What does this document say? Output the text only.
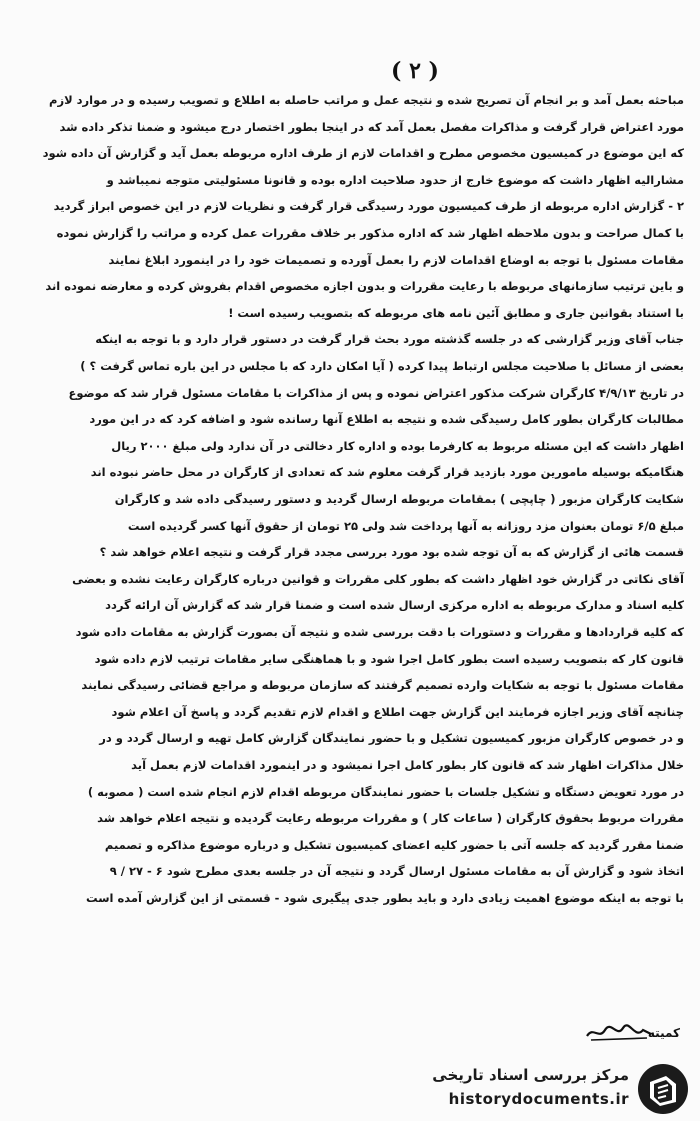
( ۲ )
مباحثه بعمل آمد و بر انجام آن تصریح شده و نتیجه عمل و مراتب حاصله به اطلاع و تصویب رسیده و در موارد لازم
مورد اعتراض قرار گرفت و مذاکرات مفصل بعمل آمد که در اینجا بطور اختصار درج میشود و ضمنا تذکر داده شد
که این موضوع در کمیسیون مخصوص مطرح و اقدامات لازم از طرف اداره مربوطه بعمل آید و گزارش آن داده شود
مشارالیه اظهار داشت که موضوع خارج از حدود صلاحیت اداره بوده و قانونا مسئولیتی متوجه نمیباشد و
۲ - گزارش اداره مربوطه از طرف کمیسیون مورد رسیدگی قرار گرفت و نظریات لازم در این خصوص ابراز گردید
با کمال صراحت و بدون ملاحظه اظهار شد که اداره مذکور بر خلاف مقررات عمل کرده و مراتب را گزارش نموده
مقامات مسئول با توجه به اوضاع اقدامات لازم را بعمل آورده و تصمیمات خود را در اینمورد ابلاغ نمایند
و باین ترتیب سازمانهای مربوطه با رعایت مقررات و بدون اجازه مخصوص اقدام بفروش کرده و معارضه نموده اند
با استناد بقوانین جاری و مطابق آئین نامه های مربوطه که بتصویب رسیده است !
جناب آقای وزیر گزارشی که در جلسه گذشته مورد بحث قرار گرفت در دستور قرار دارد و با توجه به اینکه
بعضی از مسائل با صلاحیت مجلس ارتباط پیدا کرده ( آیا امکان دارد که با مجلس در این باره تماس گرفت ؟ )
در تاریخ ۴/۹/۱۳ کارگران شرکت مذکور اعتراض نموده و پس از مذاکرات با مقامات مسئول قرار شد که موضوع
مطالبات کارگران بطور کامل رسیدگی شده و نتیجه به اطلاع آنها رسانده شود و اضافه کرد که در این مورد
اظهار داشت که این مسئله مربوط به کارفرما بوده و اداره کار دخالتی در آن ندارد ولی مبلغ ۲۰۰۰ ریال
هنگامیکه بوسیله مامورین مورد بازدید قرار گرفت معلوم شد که تعدادی از کارگران در محل حاضر نبوده اند
شکایت کارگران مزبور ( چاپچی ) بمقامات مربوطه ارسال گردید و دستور رسیدگی داده شد و کارگران
مبلغ ۶/۵ تومان بعنوان مزد روزانه به آنها پرداخت شد ولی ۲۵ تومان از حقوق آنها کسر گردیده است
قسمت هائی از گزارش که به آن توجه شده بود مورد بررسی مجدد قرار گرفت و نتیجه اعلام خواهد شد ؟
آقای نکاتی در گزارش خود اظهار داشت که بطور کلی مقررات و قوانین درباره کارگران رعایت نشده و بعضی
کلیه اسناد و مدارک مربوطه به اداره مرکزی ارسال شده است و ضمنا قرار شد که گزارش آن ارائه گردد
که کلیه قراردادها و مقررات و دستورات با دقت بررسی شده و نتیجه آن بصورت گزارش به مقامات داده شود
قانون کار که بتصویب رسیده است بطور کامل اجرا شود و با هماهنگی سایر مقامات ترتیب لازم داده شود
مقامات مسئول با توجه به شکایات وارده تصمیم گرفتند که سازمان مربوطه و مراجع قضائی رسیدگی نمایند
چنانچه آقای وزیر اجازه فرمایند این گزارش جهت اطلاع و اقدام لازم تقدیم گردد و پاسخ آن اعلام شود
و در خصوص کارگران مزبور کمیسیون تشکیل و با حضور نمایندگان گزارش کامل تهیه و ارسال گردد و در
خلال مذاکرات اظهار شد که قانون کار بطور کامل اجرا نمیشود و در اینمورد اقدامات لازم بعمل آید
در مورد تعویض دستگاه و تشکیل جلسات با حضور نمایندگان مربوطه اقدام لازم انجام شده است ( مصوبه )
مقررات مربوط بحقوق کارگران ( ساعات کار ) و مقررات مربوطه رعایت گردیده و نتیجه اعلام خواهد شد
ضمنا مقرر گردید که جلسه آتی با حضور کلیه اعضای کمیسیون تشکیل و درباره موضوع مذاکره و تصمیم
اتخاذ شود و گزارش آن به مقامات مسئول ارسال گردد و نتیجه آن در جلسه بعدی مطرح شود ۶ - ۲۷ / ۹
با توجه به اینکه موضوع اهمیت زیادی دارد و باید بطور جدی پیگیری شود - قسمتی از این گزارش آمده است
کمیته
مرکز بررسی اسناد تاریخی
historydocuments.ir
